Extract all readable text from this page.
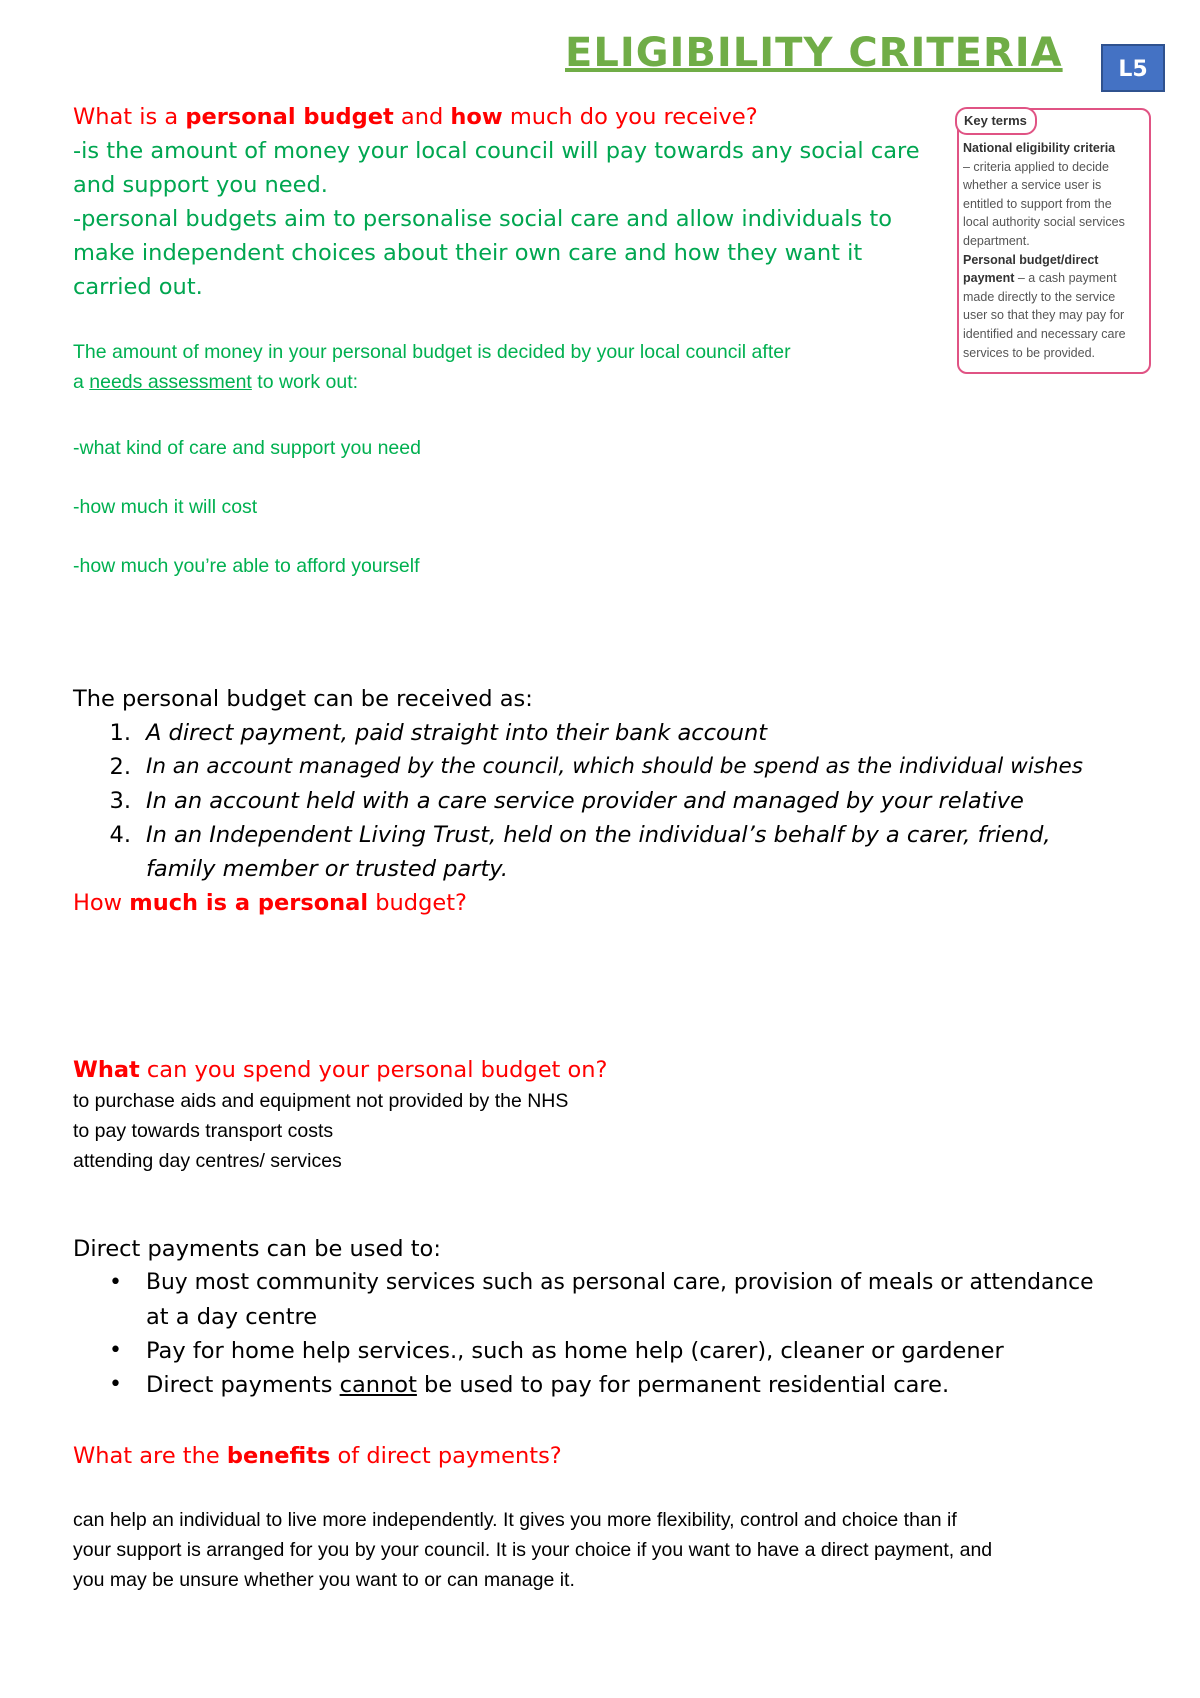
ELIGIBILITY CRITERIA	L5
Key terms
National eligibility criteria
– criteria applied to decide
whether a service user is
entitled to support from the
local authority social services
department.
Personal budget/direct
payment – a cash payment
made directly to the service
user so that they may pay for
identified and necessary care
services to be provided.
What is a personal budget and how much do you receive?
-is the amount of money your local council will pay towards any social care
and support you need.
-personal budgets aim to personalise social care and allow individuals to
make independent choices about their own care and how they want it
carried out.
The amount of money in your personal budget is decided by your local council after
a needs assessment to work out:
-what kind of care and support you need
-how much it will cost
-how much you’re able to afford yourself
The personal budget can be received as:
1. A direct payment, paid straight into their bank account
2. In an account managed by the council, which should be spend as the individual wishes
3. In an account held with a care service provider and managed by your relative
4. In an Independent Living Trust, held on the individual’s behalf by a carer, friend,
family member or trusted party.
How much is a personal budget?
What can you spend your personal budget on?
to purchase aids and equipment not provided by the NHS
to pay towards transport costs
attending day centres/ services
Direct payments can be used to:
• Buy most community services such as personal care, provision of meals or attendance
at a day centre
• Pay for home help services., such as home help (carer), cleaner or gardener
• Direct payments cannot be used to pay for permanent residential care.
What are the benefits of direct payments?
can help an individual to live more independently. It gives you more flexibility, control and choice than if
your support is arranged for you by your council. It is your choice if you want to have a direct payment, and
you may be unsure whether you want to or can manage it.
